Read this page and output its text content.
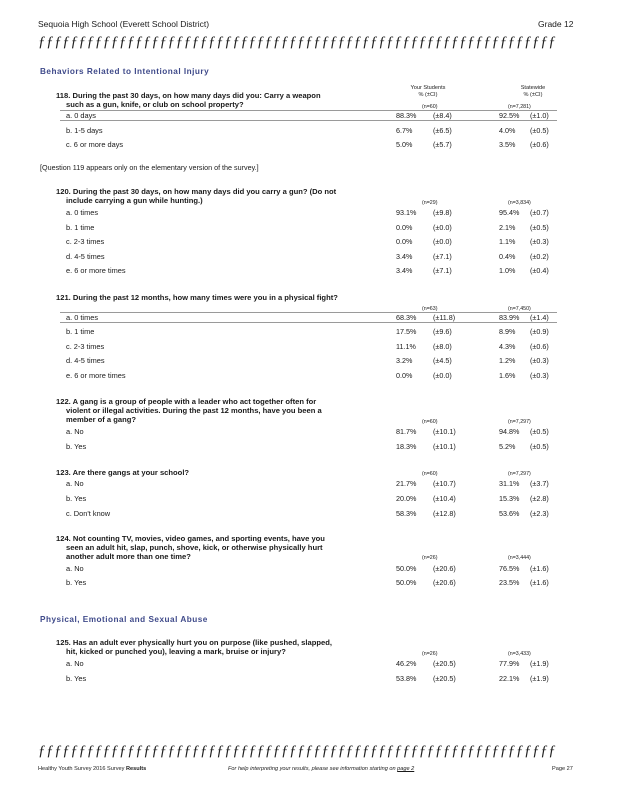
Sequoia High School (Everett School District)	Grade 12
ƒƒƒƒƒƒƒƒƒƒƒƒƒƒƒƒƒƒƒƒƒƒƒƒƒƒƒƒƒƒƒƒƒƒƒƒƒƒƒƒƒƒƒƒƒƒƒƒƒƒƒƒƒƒƒƒƒƒƒƒƒƒƒƒ
Behaviors Related to Intentional Injury
Your Students
% (±CI)
Statewide
% (±CI)
118. During the past 30 days, on how many days did you: Carry a weapon
such as a gun, knife, or club on school property?	(n=60)	(n=7,281)
a. 0 days	88.3% (±8.4)	92.5% (±1.0)
b. 1-5 days	6.7%	(±6.5)	4.0% (±0.5)
c. 6 or more days	5.0%	(±5.7)	3.5% (±0.6)
[Question 119 appears only on the elementary version of the survey.]
120. During the past 30 days, on how many days did you carry a gun? (Do not
include carrying a gun while hunting.)	(n=29)	(n=3,834)
a. 0 times	93.1% (±9.8)	95.4% (±0.7)
b. 1 time	0.0%	(±0.0)	2.1% (±0.5)
c. 2-3 times	0.0%	(±0.0)	1.1% (±0.3)
d. 4-5 times	3.4%	(±7.1)	0.4% (±0.2)
e. 6 or more times	3.4%	(±7.1)	1.0% (±0.4)
121. During the past 12 months, how many times were you in a physical fight?
(n=63)	(n=7,450)
a. 0 times	68.3% (±11.8)	83.9% (±1.4)
b. 1 time	17.5% (±9.6)	8.9% (±0.9)
c. 2-3 times	11.1% (±8.0)	4.3% (±0.6)
d. 4-5 times	3.2%	(±4.5)	1.2% (±0.3)
e. 6 or more times	0.0%	(±0.0)	1.6% (±0.3)
122. A gang is a group of people with a leader who act together often for
violent or illegal activities. During the past 12 months, have you been a
member of a gang?	(n=60)	(n=7,297)
a. No	81.7% (±10.1)	94.8% (±0.5)
b. Yes	18.3% (±10.1)	5.2% (±0.5)
123. Are there gangs at your school?	(n=60)	(n=7,297)
a. No	21.7% (±10.7)	31.1% (±3.7)
b. Yes	20.0% (±10.4)	15.3% (±2.8)
c. Don't know	58.3% (±12.8)	53.6% (±2.3)
124. Not counting TV, movies, video games, and sporting events, have you
seen an adult hit, slap, punch, shove, kick, or otherwise physically hurt
another adult more than one time?	(n=26)	(n=3,444)
a. No	50.0% (±20.6)	76.5% (±1.6)
b. Yes	50.0% (±20.6)	23.5% (±1.6)
Physical, Emotional and Sexual Abuse
125. Has an adult ever physically hurt you on purpose (like pushed, slapped,
hit, kicked or punched you), leaving a mark, bruise or injury?	(n=26)	(n=3,433)
a. No	46.2% (±20.5)	77.9% (±1.9)
b. Yes	53.8% (±20.5)	22.1% (±1.9)
ƒƒƒƒƒƒƒƒƒƒƒƒƒƒƒƒƒƒƒƒƒƒƒƒƒƒƒƒƒƒƒƒƒƒƒƒƒƒƒƒƒƒƒƒƒƒƒƒƒƒƒƒƒƒƒƒƒƒƒƒƒƒƒƒ
Healthy Youth Survey 2016 Survey Results	For help interpreting your results, please see information starting on page 2	Page 27
